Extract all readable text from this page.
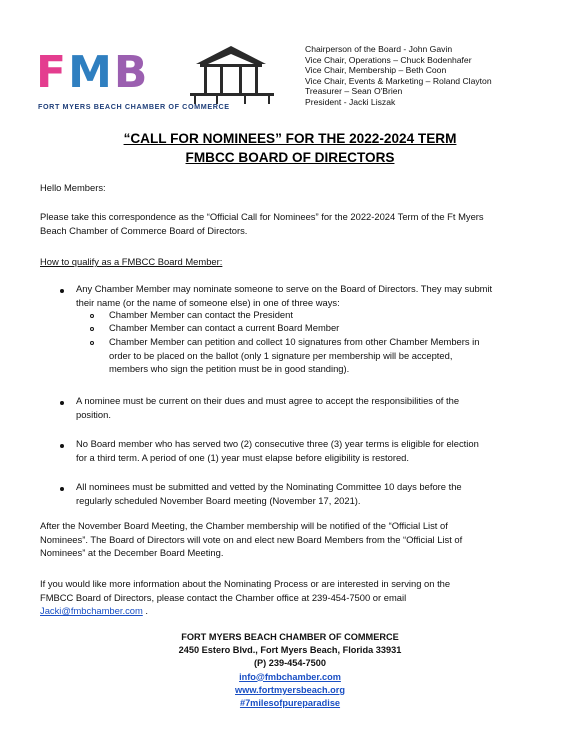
FMB
FORT MYERS BEACH CHAMBER OF COMMERCE
Chairperson of the Board - John Gavin
Vice Chair, Operations – Chuck Bodenhafer
Vice Chair, Membership – Beth Coon
Vice Chair, Events & Marketing – Roland Clayton
Treasurer – Sean O'Brien
President - Jacki Liszak
“CALL FOR NOMINEES” FOR THE 2022-2024 TERM
FMBCC BOARD OF DIRECTORS
Hello Members:
Please take this correspondence as the “Official Call for Nominees” for the 2022-2024 Term of the Ft Myers
Beach Chamber of Commerce Board of Directors.
How to qualify as a FMBCC Board Member:
Any Chamber Member may nominate someone to serve on the Board of Directors. They may submit
their name (or the name of someone else) in one of three ways:
Chamber Member can contact the President
Chamber Member can contact a current Board Member
Chamber Member can petition and collect 10 signatures from other Chamber Members in
order to be placed on the ballot (only 1 signature per membership will be accepted,
members who sign the petition must be in good standing).
A nominee must be current on their dues and must agree to accept the responsibilities of the
position.
No Board member who has served two (2) consecutive three (3) year terms is eligible for election
for a third term. A period of one (1) year must elapse before eligibility is restored.
All nominees must be submitted and vetted by the Nominating Committee 10 days before the
regularly scheduled November Board meeting (November 17, 2021).
After the November Board Meeting, the Chamber membership will be notified of the “Official List of
Nominees”. The Board of Directors will vote on and elect new Board Members from the “Official List of
Nominees” at the December Board Meeting.
If you would like more information about the Nominating Process or are interested in serving on the
FMBCC Board of Directors, please contact the Chamber office at 239-454-7500 or email
Jacki@fmbchamber.com .
FORT MYERS BEACH CHAMBER OF COMMERCE
2450 Estero Blvd., Fort Myers Beach, Florida 33931
(P) 239-454-7500
info@fmbchamber.com
www.fortmyersbeach.org
#7milesofpureparadise
